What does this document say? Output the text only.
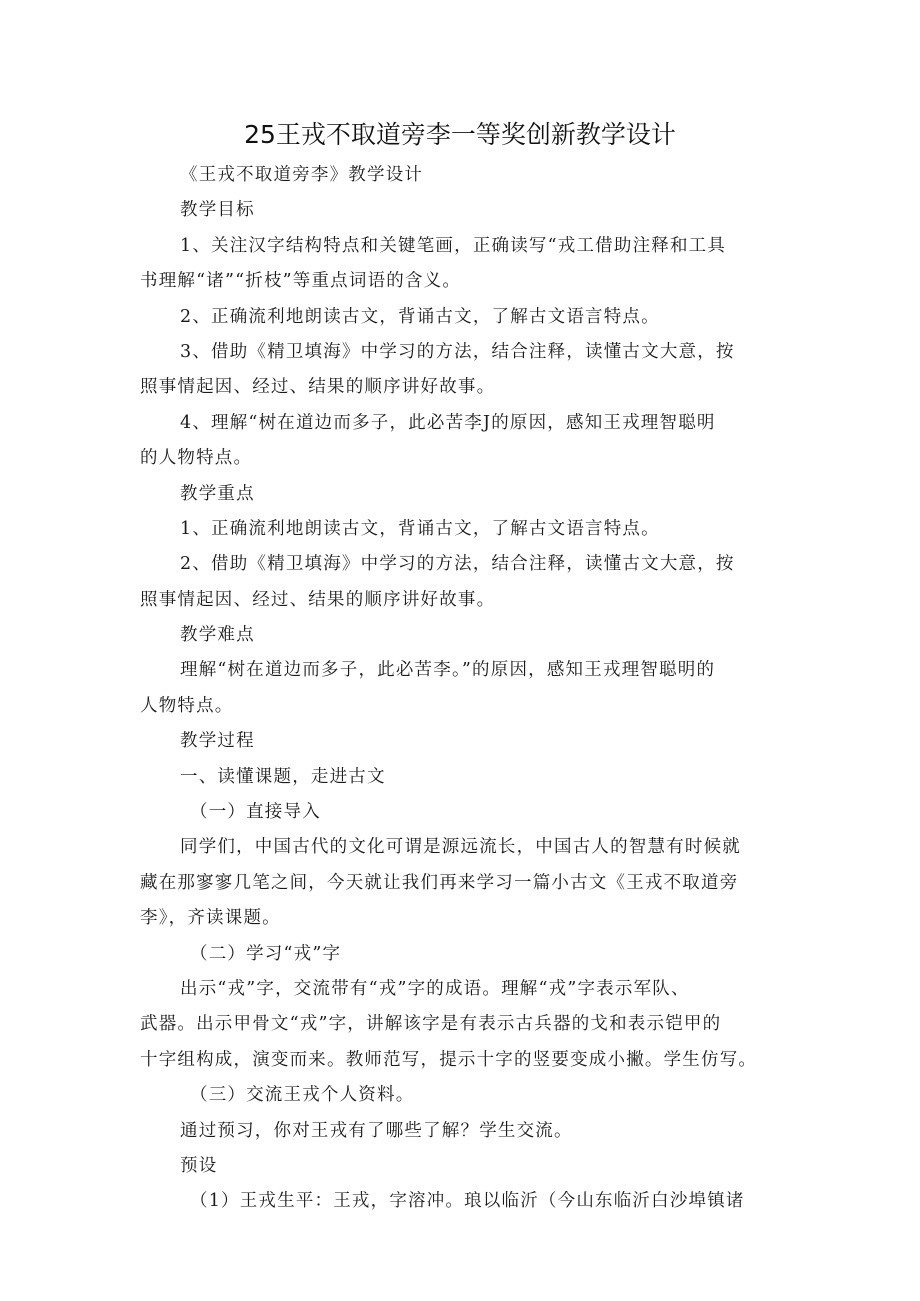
25王戎不取道旁李一等奖创新教学设计
《王戎不取道旁李》教学设计
教学目标
1、关注汉字结构特点和关键笔画，正确读写“戎工借助注释和工具
书理解“诸”“折枝”等重点词语的含义。
2、正确流利地朗读古文，背诵古文，了解古文语言特点。
3、借助《精卫填海》中学习的方法，结合注释，读懂古文大意，按
照事情起因、经过、结果的顺序讲好故事。
4、理解“树在道边而多子，此必苦李J的原因，感知王戎理智聪明
的人物特点。
教学重点
1、正确流利地朗读古文，背诵古文，了解古文语言特点。
2、借助《精卫填海》中学习的方法，结合注释，读懂古文大意，按
照事情起因、经过、结果的顺序讲好故事。
教学难点
理解“树在道边而多子，此必苦李。”的原因，感知王戎理智聪明的
人物特点。
教学过程
一、读懂课题，走进古文
（一）直接导入
同学们，中国古代的文化可谓是源远流长，中国古人的智慧有时候就
藏在那寥寥几笔之间，今天就让我们再来学习一篇小古文《王戎不取道旁
李》，齐读课题。
（二）学习“戎”字
出示“戎”字，交流带有“戎”字的成语。理解“戎”字表示军队、
武器。出示甲骨文“戎”字，讲解该字是有表示古兵器的戈和表示铠甲的
十字组构成，演变而来。教师范写，提示十字的竖要变成小撇。学生仿写。
（三）交流王戎个人资料。
通过预习，你对王戎有了哪些了解？学生交流。
预设
（1）王戎生平：王戎，字溶冲。琅以临沂（今山东临沂白沙埠镇诸
